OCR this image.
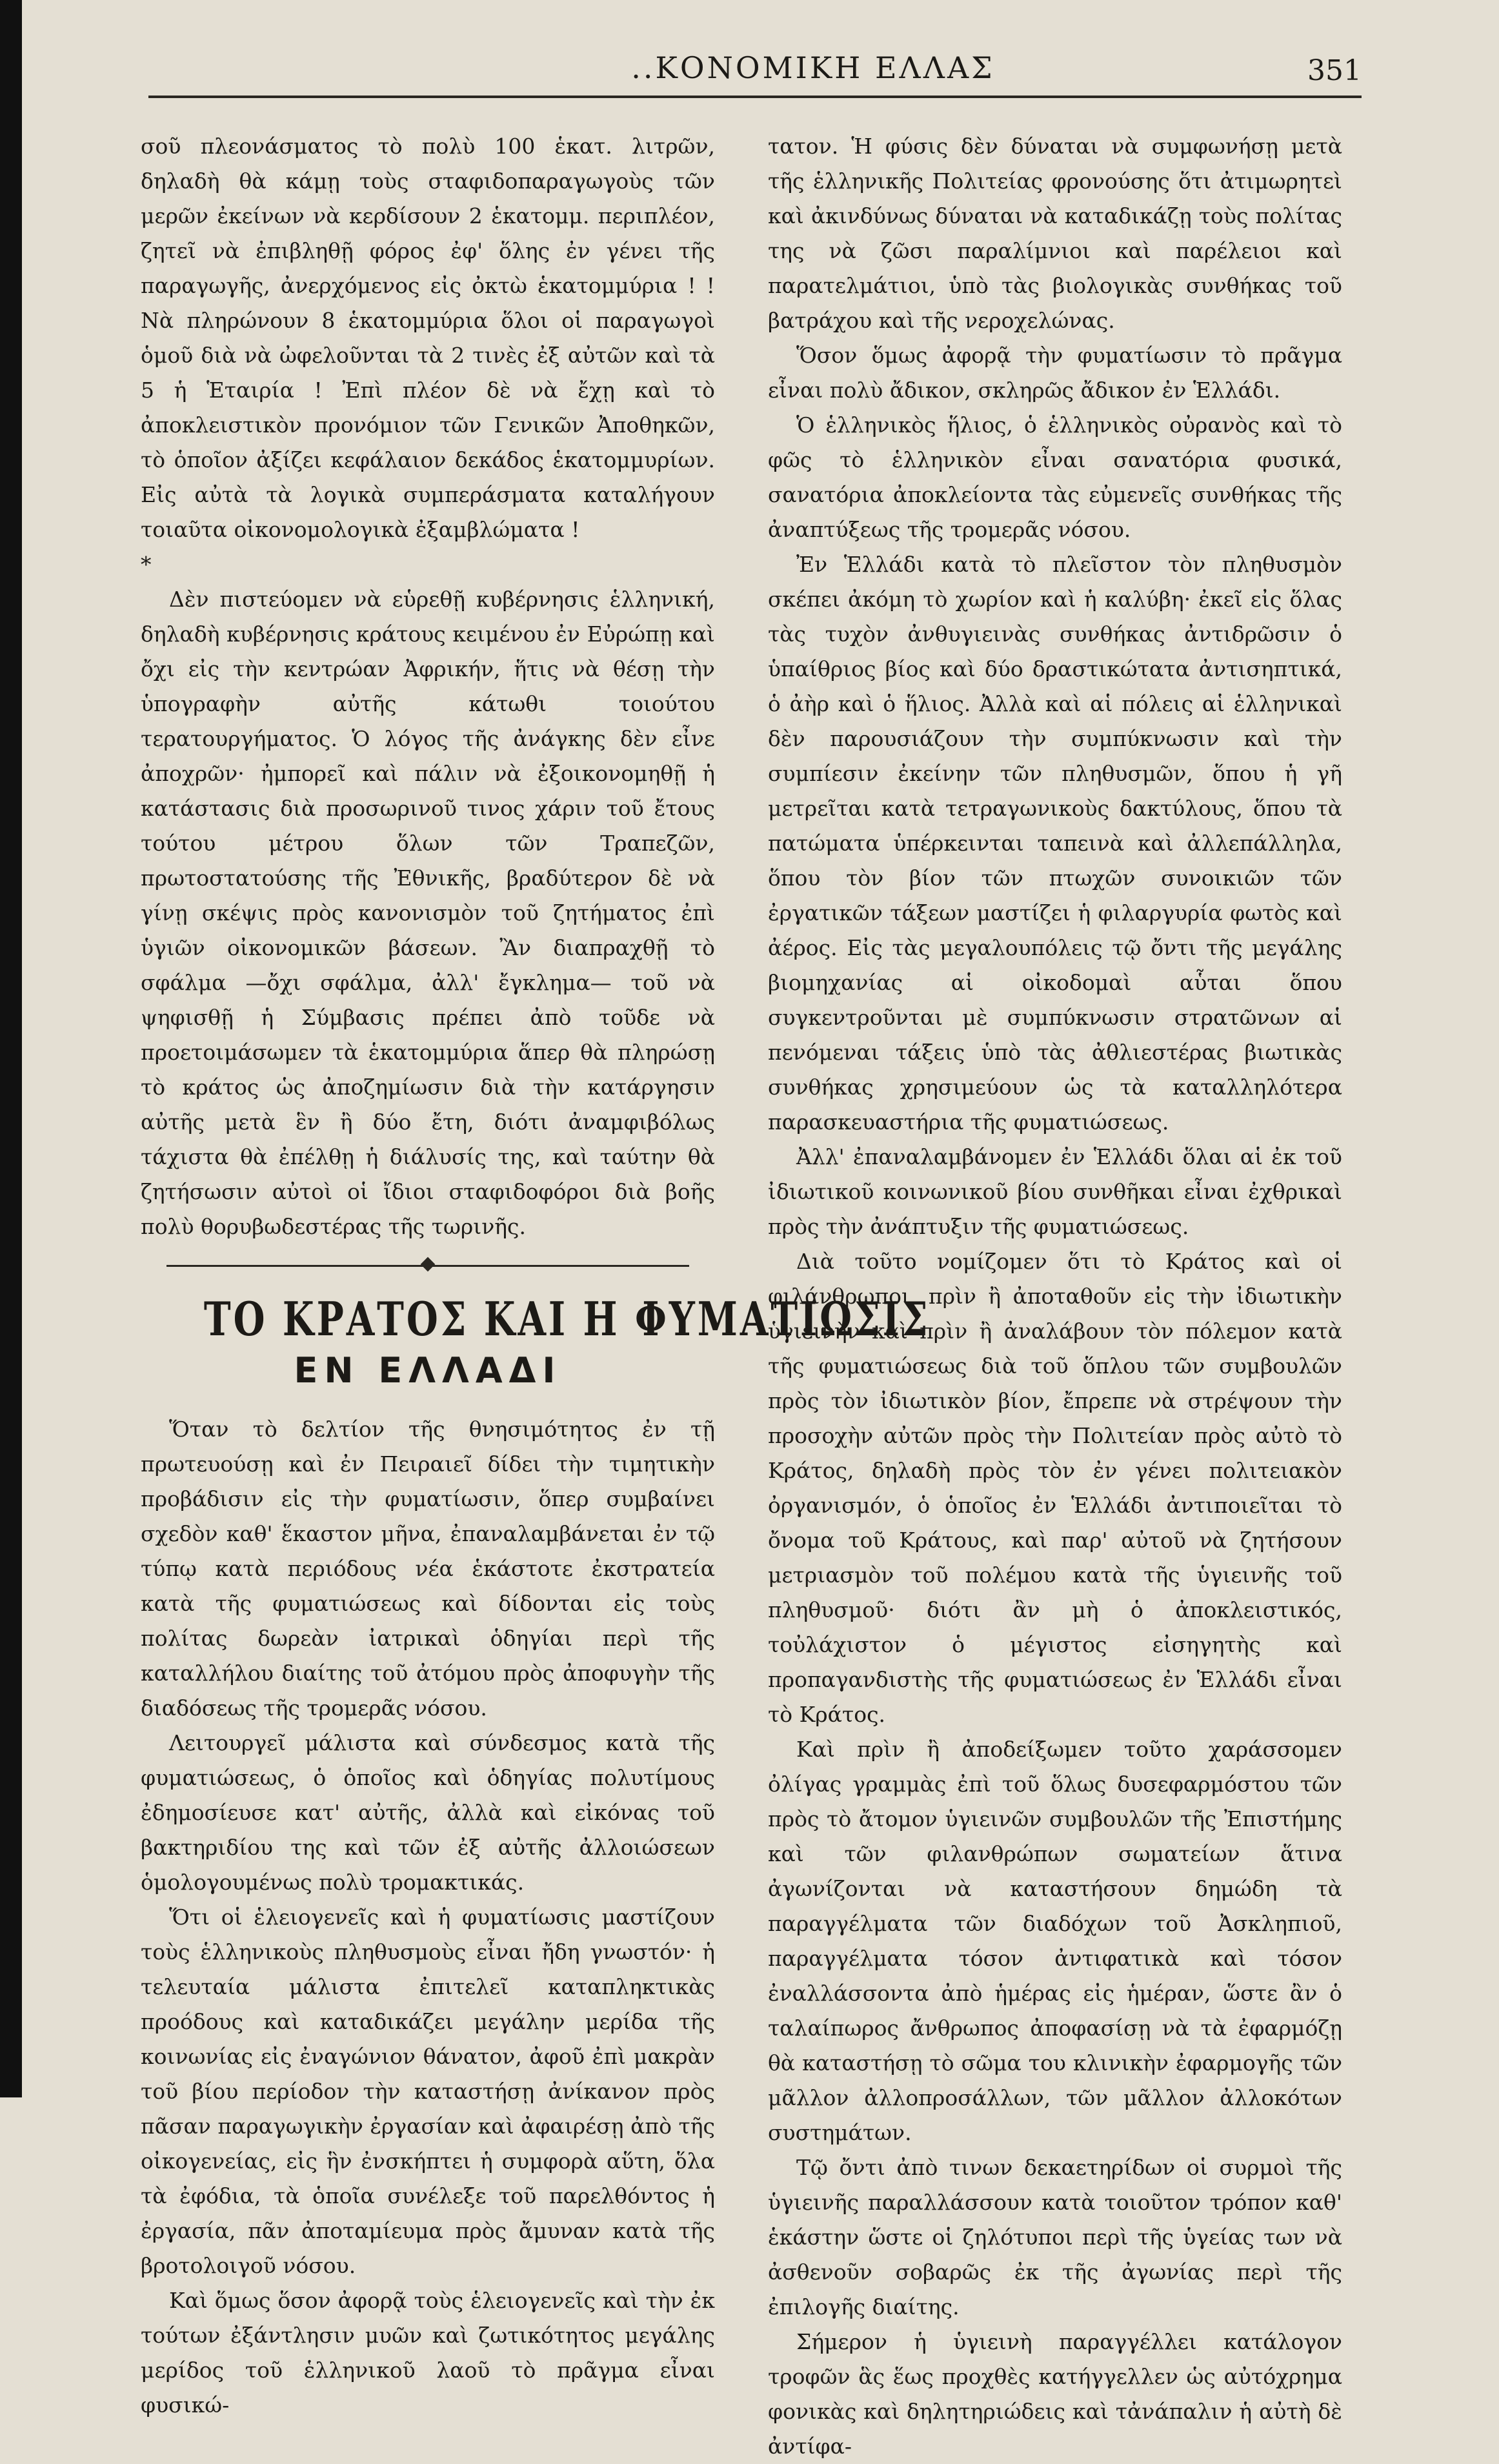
..ΚΟΝΟΜΙΚΗ ΕΛΛΑΣ	351

σοῦ πλεονάσματος τὸ πολὺ 100 ἑκατ. λιτρῶν, δηλαδὴ θὰ κάμῃ τοὺς σταφιδοπαραγωγοὺς τῶν μερῶν ἐκείνων νὰ κερδίσουν 2 ἑκατομμ. περιπλέον, ζητεῖ νὰ ἐπιβληθῇ φόρος ἐφ' ὅλης ἐν γένει τῆς παραγωγῆς, ἀνερχόμενος εἰς ὀκτὼ ἑκατομμύρια ! ! Νὰ πληρώνουν 8 ἑκατομμύρια ὅλοι οἱ παραγωγοὶ ὁμοῦ διὰ νὰ ὠφελοῦνται τὰ 2 τινὲς ἐξ αὐτῶν καὶ τὰ 5 ἡ Ἑταιρία ! Ἐπὶ πλέον δὲ νὰ ἔχῃ καὶ τὸ ἀποκλειστικὸν προνόμιον τῶν Γενικῶν Ἀποθηκῶν, τὸ ὁποῖον ἀξίζει κεφάλαιον δεκάδος ἑκατομμυρίων. Εἰς αὐτὰ τὰ λογικὰ συμπεράσματα καταλήγουν τοιαῦτα οἰκονομολογικὰ ἐξαμβλώματα !

*

Δὲν πιστεύομεν νὰ εὑρεθῇ κυβέρνησις ἑλληνική, δηλαδὴ κυβέρνησις κράτους κειμένου ἐν Εὐρώπῃ καὶ ὄχι εἰς τὴν κεντρώαν Ἀφρικήν, ἥτις νὰ θέσῃ τὴν ὑπογραφὴν αὐτῆς κάτωθι τοιούτου τερατουργήματος. Ὁ λόγος τῆς ἀνάγκης δὲν εἶνε ἀποχρῶν· ἠμπορεῖ καὶ πάλιν νὰ ἐξοικονομηθῇ ἡ κατάστασις διὰ προσωρινοῦ τινος χάριν τοῦ ἔτους τούτου μέτρου ὅλων τῶν Τραπεζῶν, πρωτοστατούσης τῆς Ἐθνικῆς, βραδύτερον δὲ νὰ γίνῃ σκέψις πρὸς κανονισμὸν τοῦ ζητήματος ἐπὶ ὑγιῶν οἰκονομικῶν βάσεων. Ἂν διαπραχθῇ τὸ σφάλμα —ὄχι σφάλμα, ἀλλ' ἔγκλημα— τοῦ νὰ ψηφισθῇ ἡ Σύμβασις πρέπει ἀπὸ τοῦδε νὰ προετοιμάσωμεν τὰ ἑκατομμύρια ἅπερ θὰ πληρώσῃ τὸ κράτος ὡς ἀποζημίωσιν διὰ τὴν κατάργησιν αὐτῆς μετὰ ἓν ἢ δύο ἔτη, διότι ἀναμφιβόλως τάχιστα θὰ ἐπέλθῃ ἡ διάλυσίς της, καὶ ταύτην θὰ ζητήσωσιν αὐτοὶ οἱ ἴδιοι σταφιδοφόροι διὰ βοῆς πολὺ θορυβωδεστέρας τῆς τωρινῆς.

ΤΟ ΚΡΑΤΟΣ ΚΑΙ Η ΦΥΜΑΤΙΩΣΙΣ
ΕΝ ΕΛΛΑΔΙ

Ὅταν τὸ δελτίον τῆς θνησιμότητος ἐν τῇ πρωτευούσῃ καὶ ἐν Πειραιεῖ δίδει τὴν τιμητικὴν προβάδισιν εἰς τὴν φυματίωσιν, ὅπερ συμβαίνει σχεδὸν καθ' ἕκαστον μῆνα, ἐπαναλαμβάνεται ἐν τῷ τύπῳ κατὰ περιόδους νέα ἑκάστοτε ἐκστρατεία κατὰ τῆς φυματιώσεως καὶ δίδονται εἰς τοὺς πολίτας δωρεὰν ἰατρικαὶ ὁδηγίαι περὶ τῆς καταλλήλου διαίτης τοῦ ἀτόμου πρὸς ἀποφυγὴν τῆς διαδόσεως τῆς τρομερᾶς νόσου.

Λειτουργεῖ μάλιστα καὶ σύνδεσμος κατὰ τῆς φυματιώσεως, ὁ ὁποῖος καὶ ὁδηγίας πολυτίμους ἐδημοσίευσε κατ' αὐτῆς, ἀλλὰ καὶ εἰκόνας τοῦ βακτηριδίου της καὶ τῶν ἐξ αὐτῆς ἀλλοιώσεων ὁμολογουμένως πολὺ τρομακτικάς.

Ὅτι οἱ ἑλειογενεῖς καὶ ἡ φυματίωσις μαστίζουν τοὺς ἑλληνικοὺς πληθυσμοὺς εἶναι ἤδη γνωστόν· ἡ τελευταία μάλιστα ἐπιτελεῖ καταπληκτικὰς προόδους καὶ καταδικάζει μεγάλην μερίδα τῆς κοινωνίας εἰς ἐναγώνιον θάνατον, ἀφοῦ ἐπὶ μακρὰν τοῦ βίου περίοδον τὴν καταστήσῃ ἀνίκανον πρὸς πᾶσαν παραγωγικὴν ἐργασίαν καὶ ἀφαιρέσῃ ἀπὸ τῆς οἰκογενείας, εἰς ἣν ἐνσκήπτει ἡ συμφορὰ αὕτη, ὅλα τὰ ἐφόδια, τὰ ὁποῖα συνέλεξε τοῦ παρελθόντος ἡ ἐργασία, πᾶν ἀποταμίευμα πρὸς ἄμυναν κατὰ τῆς βροτολοιγοῦ νόσου.

Καὶ ὅμως ὅσον ἀφορᾷ τοὺς ἑλειογενεῖς καὶ τὴν ἐκ τούτων ἐξάντλησιν μυῶν καὶ ζωτικότητος μεγάλης μερίδος τοῦ ἑλληνικοῦ λαοῦ τὸ πρᾶγμα εἶναι φυσικώ-

τατον. Ἡ φύσις δὲν δύναται νὰ συμφωνήσῃ μετὰ τῆς ἑλληνικῆς Πολιτείας φρονούσης ὅτι ἀτιμωρητεὶ καὶ ἀκινδύνως δύναται νὰ καταδικάζῃ τοὺς πολίτας της νὰ ζῶσι παραλίμνιοι καὶ παρέλειοι καὶ παρατελμάτιοι, ὑπὸ τὰς βιολογικὰς συνθήκας τοῦ βατράχου καὶ τῆς νεροχελώνας.

Ὅσον ὅμως ἀφορᾷ τὴν φυματίωσιν τὸ πρᾶγμα εἶναι πολὺ ἄδικον, σκληρῶς ἄδικον ἐν Ἑλλάδι.

Ὁ ἑλληνικὸς ἥλιος, ὁ ἑλληνικὸς οὐρανὸς καὶ τὸ φῶς τὸ ἑλληνικὸν εἶναι σανατόρια φυσικά, σανατόρια ἀποκλείοντα τὰς εὐμενεῖς συνθήκας τῆς ἀναπτύξεως τῆς τρομερᾶς νόσου.

Ἐν Ἑλλάδι κατὰ τὸ πλεῖστον τὸν πληθυσμὸν σκέπει ἀκόμη τὸ χωρίον καὶ ἡ καλύβη· ἐκεῖ εἰς ὅλας τὰς τυχὸν ἀνθυγιεινὰς συνθήκας ἀντιδρῶσιν ὁ ὑπαίθριος βίος καὶ δύο δραστικώτατα ἀντισηπτικά, ὁ ἀὴρ καὶ ὁ ἥλιος. Ἀλλὰ καὶ αἱ πόλεις αἱ ἑλληνικαὶ δὲν παρουσιάζουν τὴν συμπύκνωσιν καὶ τὴν συμπίεσιν ἐκείνην τῶν πληθυσμῶν, ὅπου ἡ γῆ μετρεῖται κατὰ τετραγωνικοὺς δακτύλους, ὅπου τὰ πατώματα ὑπέρκεινται ταπεινὰ καὶ ἀλλεπάλληλα, ὅπου τὸν βίον τῶν πτωχῶν συνοικιῶν τῶν ἐργατικῶν τάξεων μαστίζει ἡ φιλαργυρία φωτὸς καὶ ἀέρος. Εἰς τὰς μεγαλουπόλεις τῷ ὄντι τῆς μεγάλης βιομηχανίας αἱ οἰκοδομαὶ αὗται ὅπου συγκεντροῦνται μὲ συμπύκνωσιν στρατῶνων αἱ πενόμεναι τάξεις ὑπὸ τὰς ἀθλιεστέρας βιωτικὰς συνθήκας χρησιμεύουν ὡς τὰ καταλληλότερα παρασκευαστήρια τῆς φυματιώσεως.

Ἀλλ' ἐπαναλαμβάνομεν ἐν Ἑλλάδι ὅλαι αἱ ἐκ τοῦ ἰδιωτικοῦ κοινωνικοῦ βίου συνθῆκαι εἶναι ἐχθρικαὶ πρὸς τὴν ἀνάπτυξιν τῆς φυματιώσεως.

Διὰ τοῦτο νομίζομεν ὅτι τὸ Κράτος καὶ οἱ φιλάνθρωποι, πρὶν ἢ ἀποταθοῦν εἰς τὴν ἰδιωτικὴν ὑγιεινὴν καὶ πρὶν ἢ ἀναλάβουν τὸν πόλεμον κατὰ τῆς φυματιώσεως διὰ τοῦ ὅπλου τῶν συμβουλῶν πρὸς τὸν ἰδιωτικὸν βίον, ἔπρεπε νὰ στρέψουν τὴν προσοχὴν αὐτῶν πρὸς τὴν Πολιτείαν πρὸς αὐτὸ τὸ Κράτος, δηλαδὴ πρὸς τὸν ἐν γένει πολιτειακὸν ὀργανισμόν, ὁ ὁποῖος ἐν Ἑλλάδι ἀντιποιεῖται τὸ ὄνομα τοῦ Κράτους, καὶ παρ' αὐτοῦ νὰ ζητήσουν μετριασμὸν τοῦ πολέμου κατὰ τῆς ὑγιεινῆς τοῦ πληθυσμοῦ· διότι ἂν μὴ ὁ ἀποκλειστικός, τοὐλάχιστον ὁ μέγιστος εἰσηγητὴς καὶ προπαγανδιστὴς τῆς φυματιώσεως ἐν Ἑλλάδι εἶναι τὸ Κράτος.

Καὶ πρὶν ἢ ἀποδείξωμεν τοῦτο χαράσσομεν ὀλίγας γραμμὰς ἐπὶ τοῦ ὅλως δυσεφαρμόστου τῶν πρὸς τὸ ἄτομον ὑγιεινῶν συμβουλῶν τῆς Ἐπιστήμης καὶ τῶν φιλανθρώπων σωματείων ἅτινα ἀγωνίζονται νὰ καταστήσουν δημώδη τὰ παραγγέλματα τῶν διαδόχων τοῦ Ἀσκληπιοῦ, παραγγέλματα τόσον ἀντιφατικὰ καὶ τόσον ἐναλλάσσοντα ἀπὸ ἡμέρας εἰς ἡμέραν, ὥστε ἂν ὁ ταλαίπωρος ἄνθρωπος ἀποφασίσῃ νὰ τὰ ἐφαρμόζῃ θὰ καταστήσῃ τὸ σῶμα του κλινικὴν ἐφαρμογῆς τῶν μᾶλλον ἀλλοπροσάλλων, τῶν μᾶλλον ἀλλοκότων συστημάτων.

Τῷ ὄντι ἀπὸ τινων δεκαετηρίδων οἱ συρμοὶ τῆς ὑγιεινῆς παραλλάσσουν κατὰ τοιοῦτον τρόπον καθ' ἑκάστην ὥστε οἱ ζηλότυποι περὶ τῆς ὑγείας των νὰ ἀσθενοῦν σοβαρῶς ἐκ τῆς ἀγωνίας περὶ τῆς ἐπιλογῆς διαίτης.

Σήμερον ἡ ὑγιεινὴ παραγγέλλει κατάλογον τροφῶν ἃς ἕως προχθὲς κατήγγελλεν ὡς αὐτόχρημα φονικὰς καὶ δηλητηριώδεις καὶ τἀνάπαλιν ἡ αὐτὴ δὲ ἀντίφα-
